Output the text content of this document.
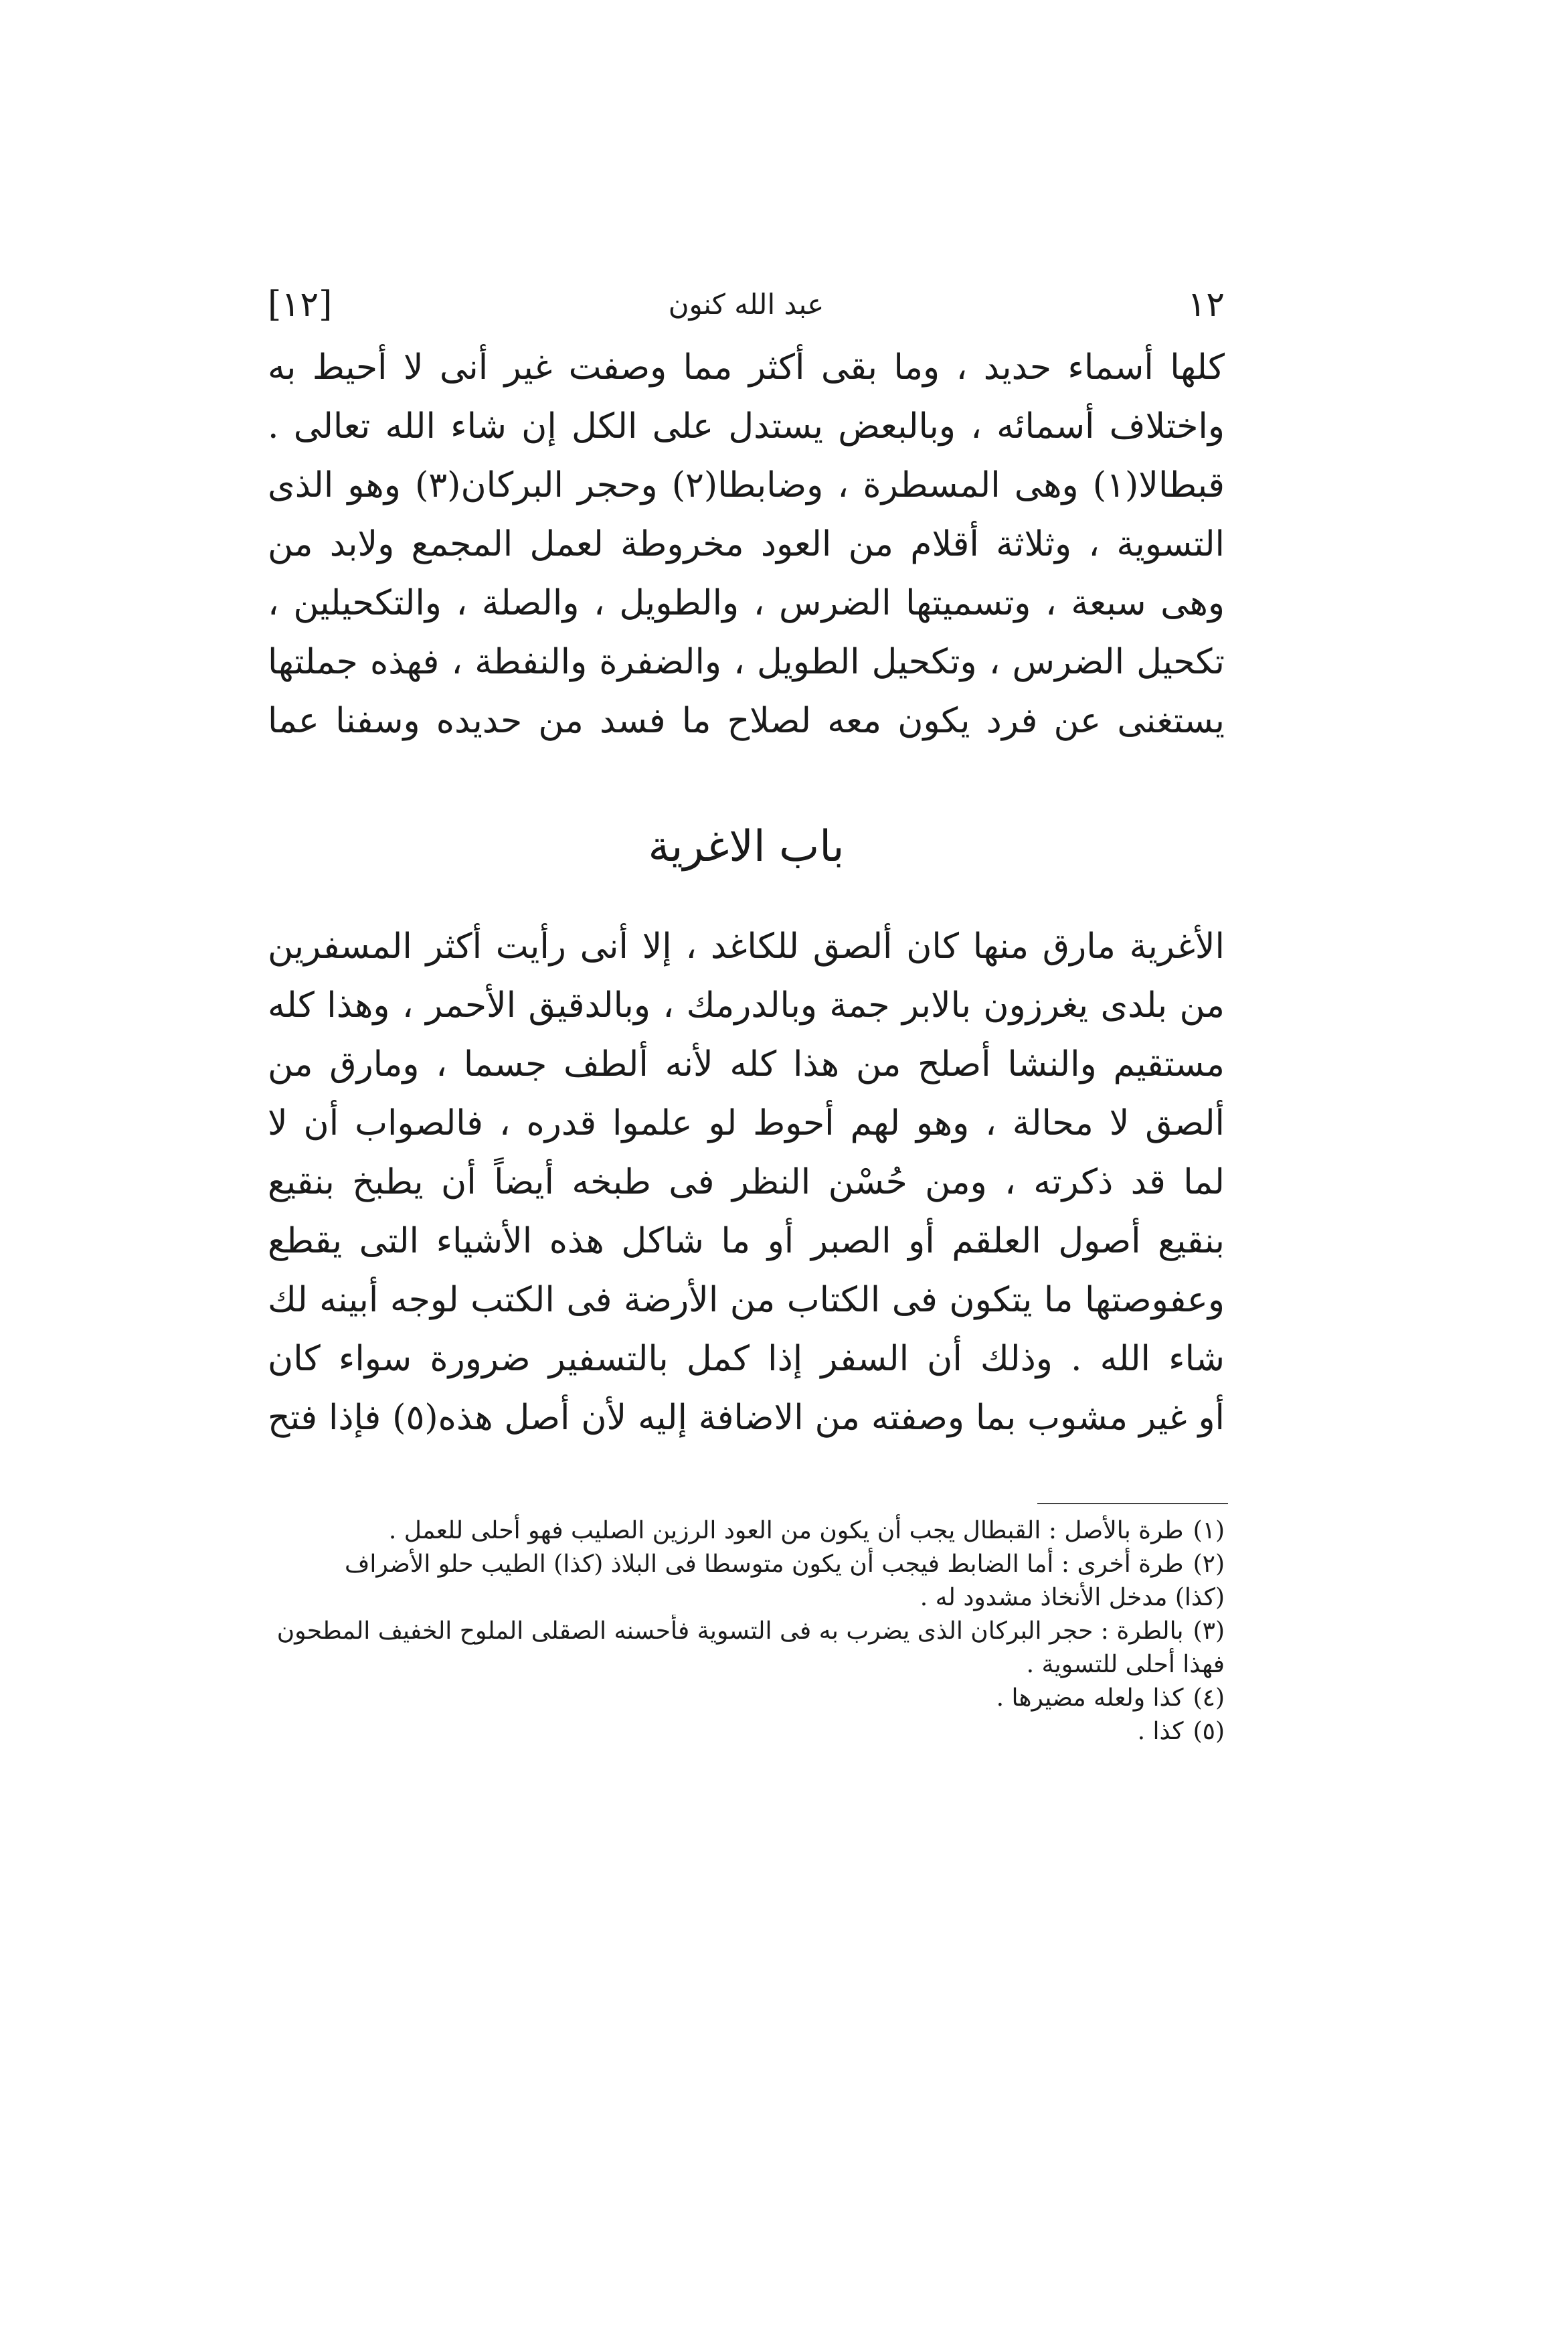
١٢
عبد الله كنون
[١٢]
كلها أسماء حديد ، وما بقى أكثر مما وصفت غير أنى لا أحيط به
واختلاف أسمائه ، وبالبعض يستدل على الكل إن شاء الله تعالى .
قبطالا(١) وهى المسطرة ، وضابطا(٢) وحجر البركان(٣) وهو الذى
التسوية ، وثلاثة أقلام من العود مخروطة لعمل المجمع ولابد من
وهى سبعة ، وتسميتها الضرس ، والطويل ، والصلة ، والتكحيلين ،
تكحيل الضرس ، وتكحيل الطويل ، والضفرة والنفطة ، فهذه جملتها
يستغنى عن فرد يكون معه لصلاح ما فسد من حديده وسفنا عما
باب الاغرية
الأغرية مارق منها كان ألصق للكاغد ، إلا أنى رأيت أكثر المسفرين
من بلدى يغرزون بالابر جمة وبالدرمك ، وبالدقيق الأحمر ، وهذا كله
مستقيم والنشا أصلح من هذا كله لأنه ألطف جسما ، ومارق من
ألصق لا محالة ، وهو لهم أحوط لو علموا قدره ، فالصواب أن لا
لما قد ذكرته ، ومن حُسْن النظر فى طبخه أيضاً أن يطبخ بنقيع
بنقيع أصول العلقم أو الصبر أو ما شاكل هذه الأشياء التى يقطع
وعفوصتها ما يتكون فى الكتاب من الأرضة فى الكتب لوجه أبينه لك
شاء الله . وذلك أن السفر إذا كمل بالتسفير ضرورة سواء كان
أو غير مشوب بما وصفته من الاضافة إليه لأن أصل هذه(٥) فإذا فتح
(١)طرة بالأصل : القبطال يجب أن يكون من العود الرزين الصليب فهو أحلى للعمل .
(٢)طرة أخرى : أما الضابط فيجب أن يكون متوسطا فى البلاذ (كذا) الطيب حلو الأضراف
(كذا) مدخل الأنخاذ مشدود له .
(٣)بالطرة : حجر البركان الذى يضرب به فى التسوية فأحسنه الصقلى الملوح الخفيف المطحون
فهذا أحلى للتسوية .
(٤)كذا ولعله مضيرها .
(٥)كذا .
